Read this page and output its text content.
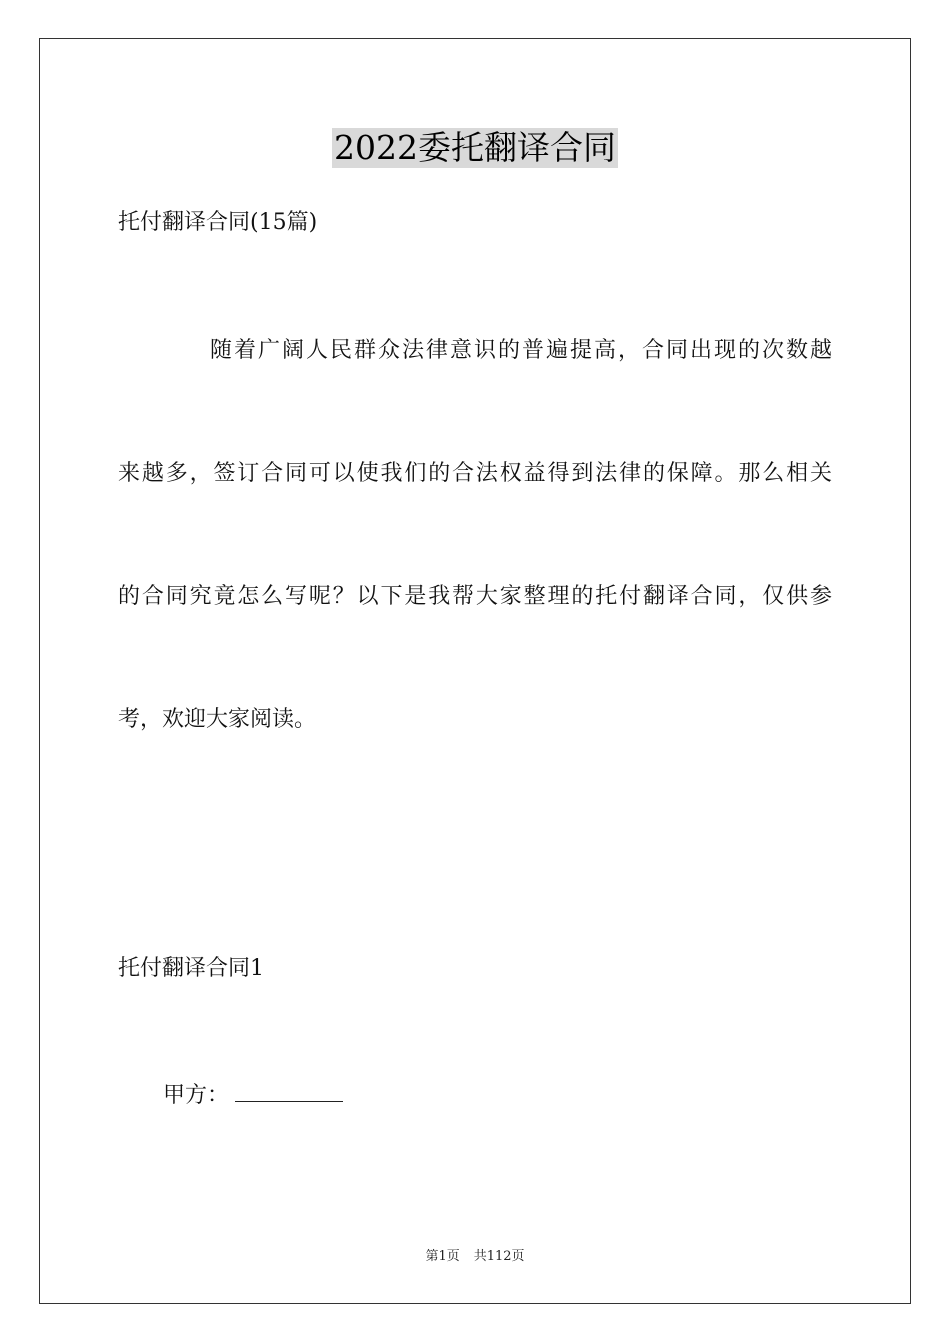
2022委托翻译合同
托付翻译合同(15篇)
随着广阔人民群众法律意识的普遍提高，合同出现的次数越
来越多，签订合同可以使我们的合法权益得到法律的保障。那么相关
的合同究竟怎么写呢？以下是我帮大家整理的托付翻译合同，仅供参
考，欢迎大家阅读。
托付翻译合同1
甲方：
第1页 共112页
